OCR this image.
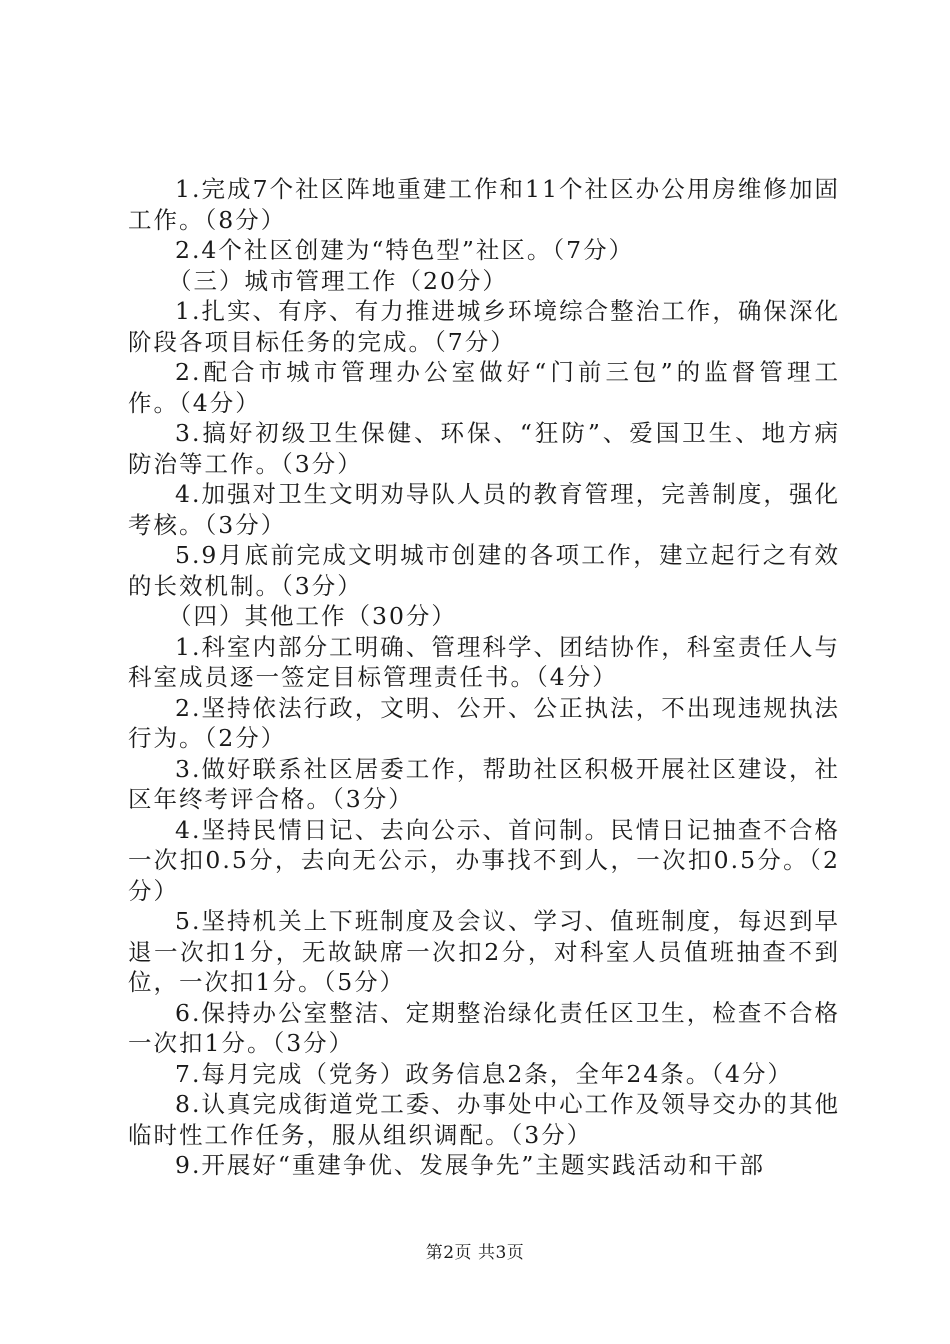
1.完成7个社区阵地重建工作和11个社区办公用房维修加固工作。（8分）

2.4个社区创建为“特色型”社区。（7分）

（三）城市管理工作（20分）

1.扎实、有序、有力推进城乡环境综合整治工作，确保深化阶段各项目标任务的完成。（7分）

2.配合市城市管理办公室做好“门前三包”的监督管理工作。（4分）

3.搞好初级卫生保健、环保、“狂防”、爱国卫生、地方病防治等工作。（3分）

4.加强对卫生文明劝导队人员的教育管理，完善制度，强化考核。（3分）

5.9月底前完成文明城市创建的各项工作，建立起行之有效的长效机制。（3分）

（四）其他工作（30分）

1.科室内部分工明确、管理科学、团结协作，科室责任人与科室成员逐一签定目标管理责任书。（4分）

2.坚持依法行政，文明、公开、公正执法，不出现违规执法行为。（2分）

3.做好联系社区居委工作，帮助社区积极开展社区建设，社区年终考评合格。（3分）

4.坚持民情日记、去向公示、首问制。民情日记抽查不合格一次扣0.5分，去向无公示，办事找不到人，一次扣0.5分。（2分）

5.坚持机关上下班制度及会议、学习、值班制度，每迟到早退一次扣1分，无故缺席一次扣2分，对科室人员值班抽查不到位，一次扣1分。（5分）

6.保持办公室整洁、定期整治绿化责任区卫生，检查不合格一次扣1分。（3分）

7.每月完成（党务）政务信息2条，全年24条。（4分）

8.认真完成街道党工委、办事处中心工作及领导交办的其他临时性工作任务，服从组织调配。（3分）

9.开展好“重建争优、发展争先”主题实践活动和干部

第2页 共3页
